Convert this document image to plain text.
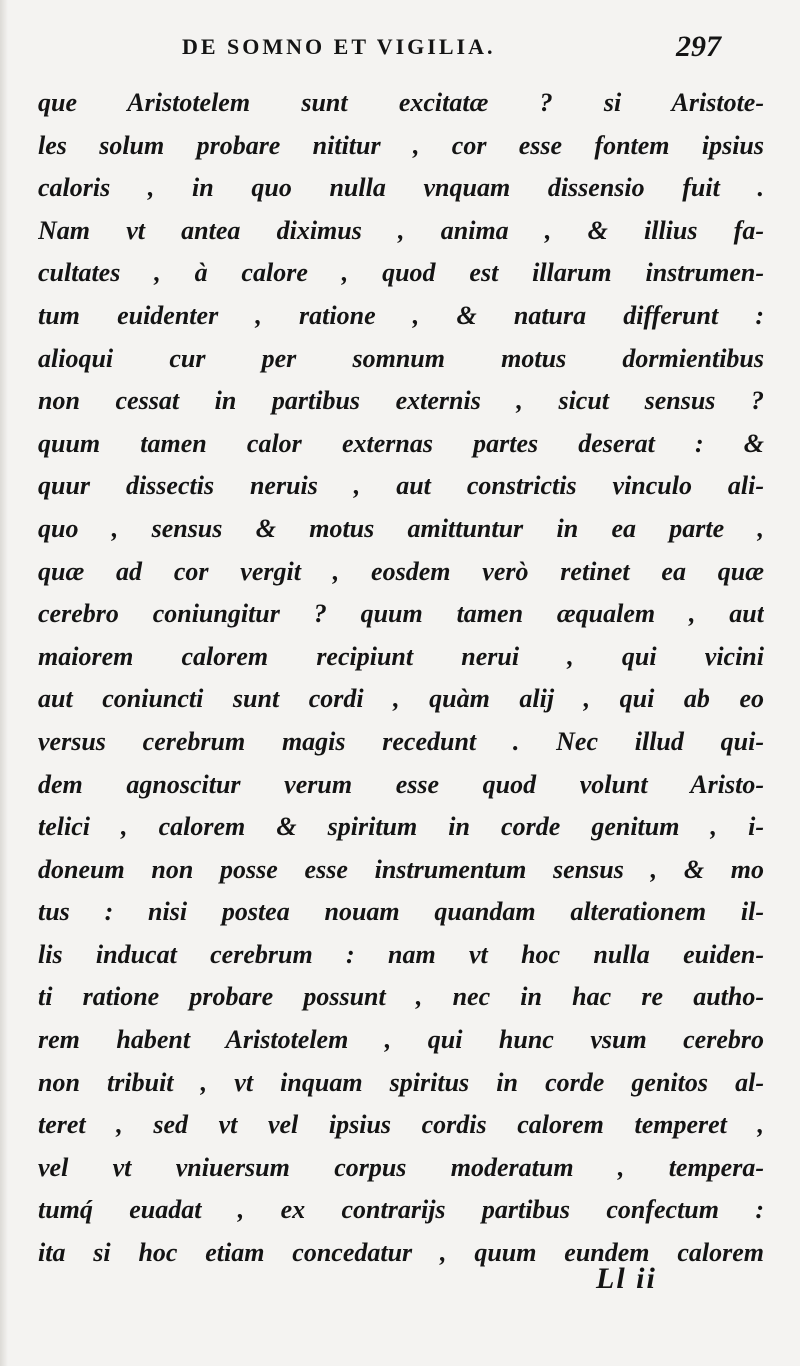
DE SOMNO ET VIGILIA.	297
que Aristotelem sunt excitatæ ? si Aristote-
les solum probare nititur , cor esse fontem ipsius
caloris , in quo nulla vnquam dissensio fuit .
Nam vt antea diximus , anima , & illius fa-
cultates , à calore , quod est illarum instrumen-
tum euidenter , ratione , & natura differunt :
alioqui cur per somnum motus dormientibus
non cessat in partibus externis , sicut sensus ?
quum tamen calor externas partes deserat : &
quur dissectis neruis , aut constrictis vinculo ali-
quo , sensus & motus amittuntur in ea parte ,
quæ ad cor vergit , eosdem verò retinet ea quæ
cerebro coniungitur ? quum tamen æqualem , aut
maiorem calorem recipiunt nerui , qui vicini
aut coniuncti sunt cordi , quàm alij , qui ab eo
versus cerebrum magis recedunt . Nec illud qui-
dem agnoscitur verum esse quod volunt Aristo-
telici , calorem & spiritum in corde genitum , i-
doneum non posse esse instrumentum sensus , & mo
tus : nisi postea nouam quandam alterationem il-
lis inducat cerebrum : nam vt hoc nulla euiden-
ti ratione probare possunt , nec in hac re autho-
rem habent Aristotelem , qui hunc vsum cerebro
non tribuit , vt inquam spiritus in corde genitos al-
teret , sed vt vel ipsius cordis calorem temperet ,
vel vt vniuersum corpus moderatum , tempera-
tumq́ euadat , ex contrarijs partibus confectum :
ita si hoc etiam concedatur , quum eundem calorem
Ll ii
